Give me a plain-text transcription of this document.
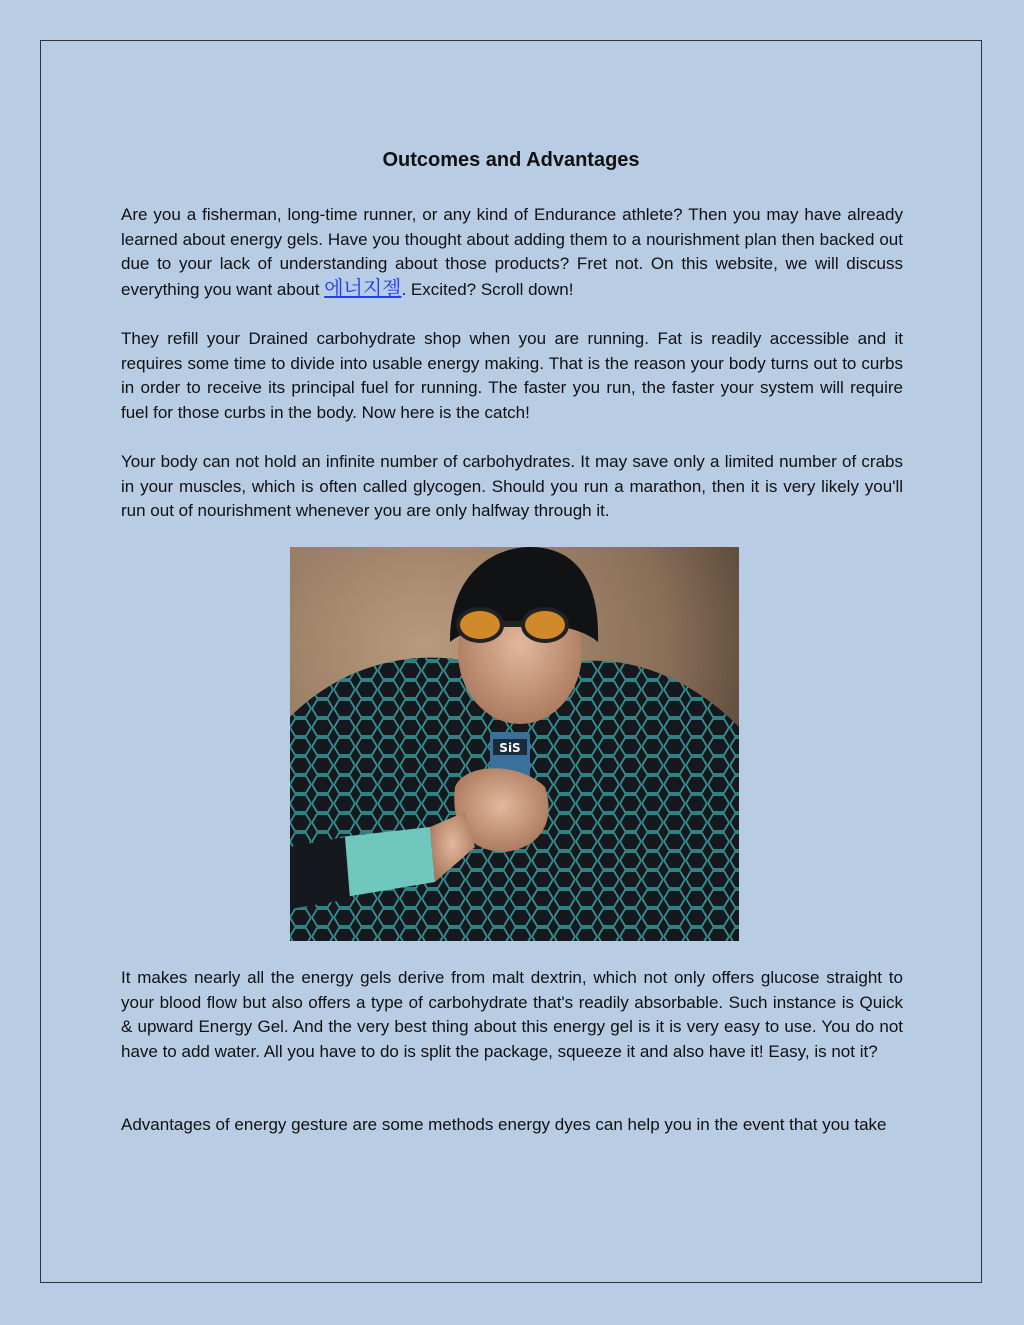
Outcomes and Advantages

Are you a fisherman, long-time runner, or any kind of Endurance athlete? Then you may have already learned about energy gels. Have you thought about adding them to a nourishment plan then backed out due to your lack of understanding about those products? Fret not. On this website, we will discuss everything you want about 에너지젤. Excited? Scroll down!

They refill your Drained carbohydrate shop when you are running. Fat is readily accessible and it requires some time to divide into usable energy making. That is the reason your body turns out to curbs in order to receive its principal fuel for running. The faster you run, the faster your system will require fuel for those curbs in the body. Now here is the catch!

Your body can not hold an infinite number of carbohydrates. It may save only a limited number of crabs in your muscles, which is often called glycogen. Should you run a marathon, then it is very likely you'll run out of nourishment whenever you are only halfway through it.

SiS

It makes nearly all the energy gels derive from malt dextrin, which not only offers glucose straight to your blood flow but also offers a type of carbohydrate that's readily absorbable. Such instance is Quick & upward Energy Gel. And the very best thing about this energy gel is it is very easy to use. You do not have to add water. All you have to do is split the package, squeeze it and also have it! Easy, is not it?

Advantages of energy gesture are some methods energy dyes can help you in the event that you take
